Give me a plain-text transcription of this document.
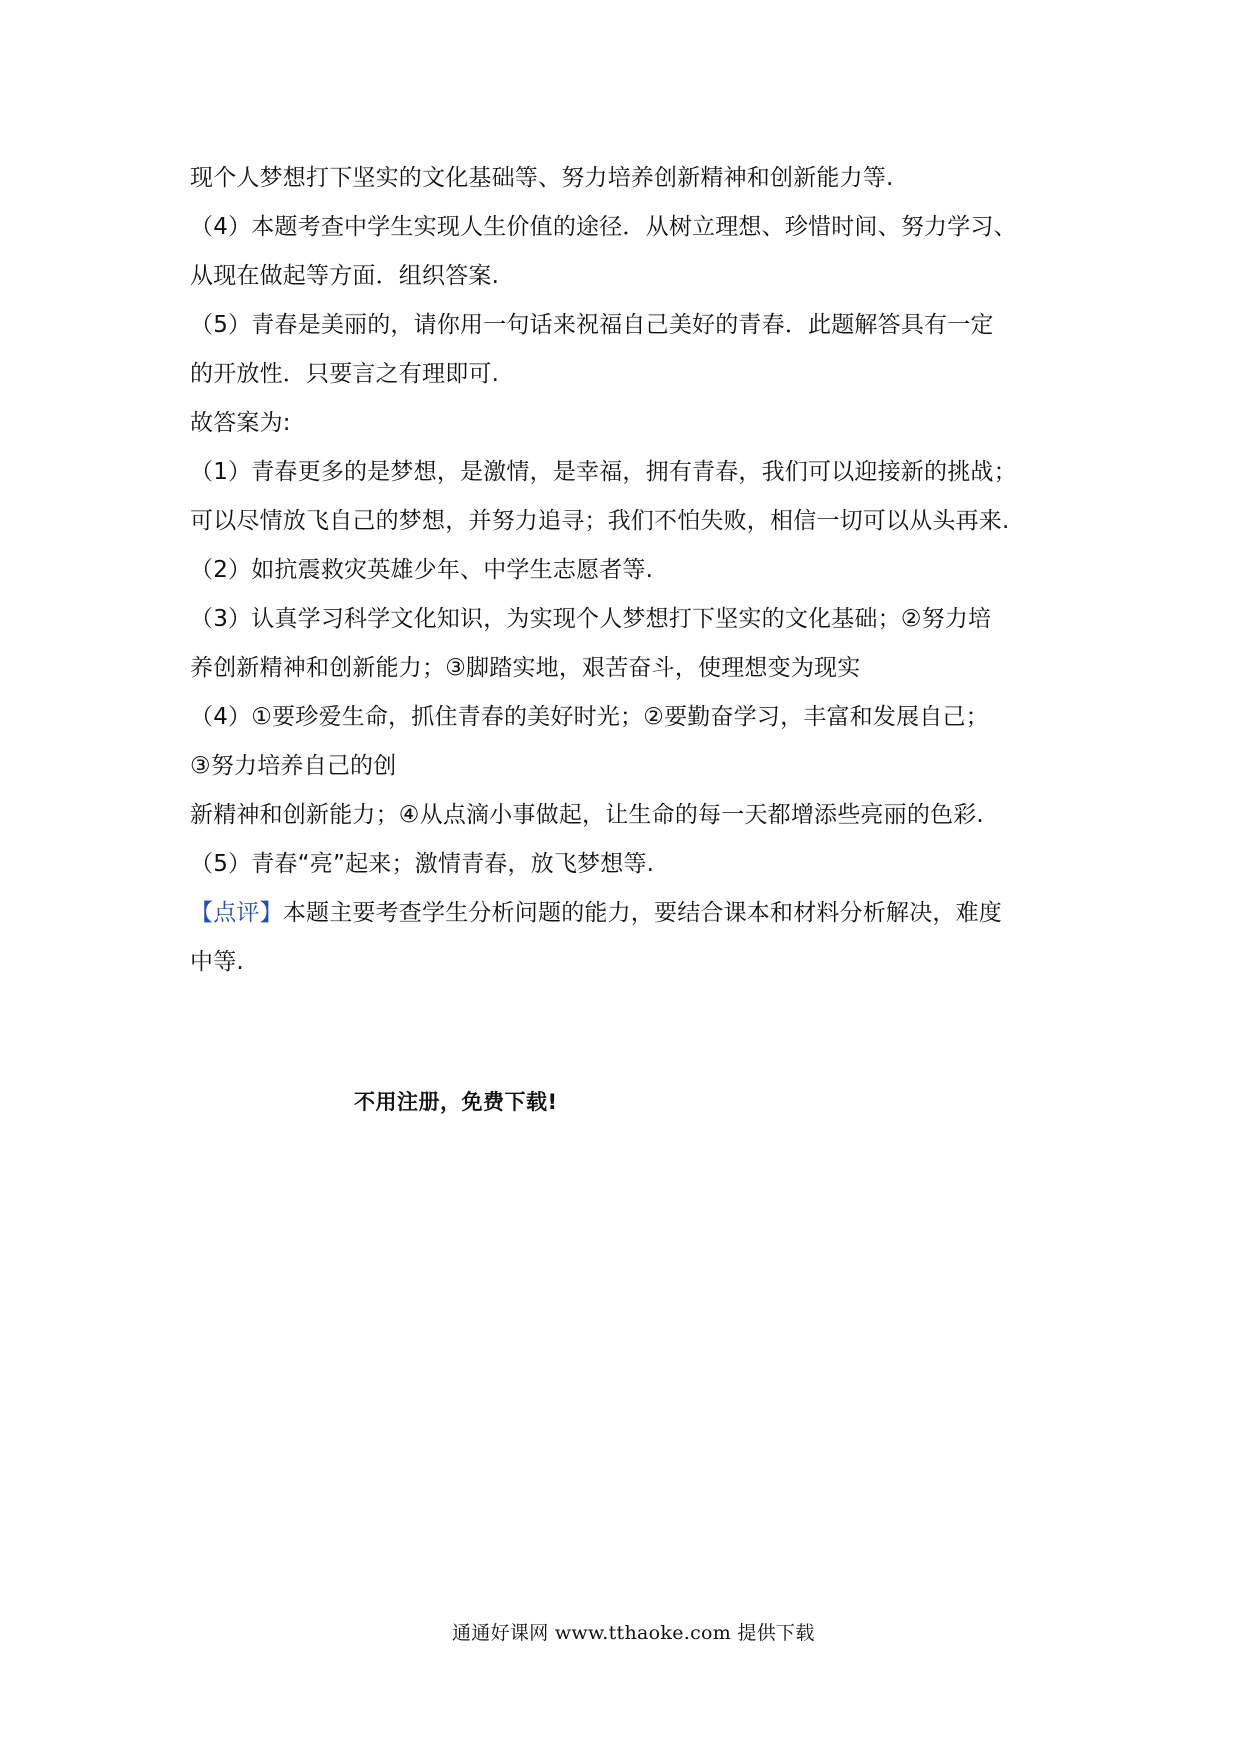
现个人梦想打下坚实的文化基础等、努力培养创新精神和创新能力等.
（4）本题考查中学生实现人生价值的途径．从树立理想、珍惜时间、努力学习、
从现在做起等方面．组织答案.
（5）青春是美丽的，请你用一句话来祝福自己美好的青春．此题解答具有一定
的开放性．只要言之有理即可.
故答案为:
（1）青春更多的是梦想，是激情，是幸福，拥有青春，我们可以迎接新的挑战；
可以尽情放飞自己的梦想，并努力追寻；我们不怕失败，相信一切可以从头再来.
（2）如抗震救灾英雄少年、中学生志愿者等.
（3）认真学习科学文化知识，为实现个人梦想打下坚实的文化基础；②努力培
养创新精神和创新能力；③脚踏实地，艰苦奋斗，使理想变为现实
（4）①要珍爱生命，抓住青春的美好时光；②要勤奋学习，丰富和发展自己；
③努力培养自己的创
新精神和创新能力；④从点滴小事做起，让生命的每一天都增添些亮丽的色彩.
（5）青春“亮”起来；激情青春，放飞梦想等.
【点评】本题主要考查学生分析问题的能力，要结合课本和材料分析解决，难度
中等.
不用注册，免费下载!
通通好课网 www.tthaoke.com 提供下载
